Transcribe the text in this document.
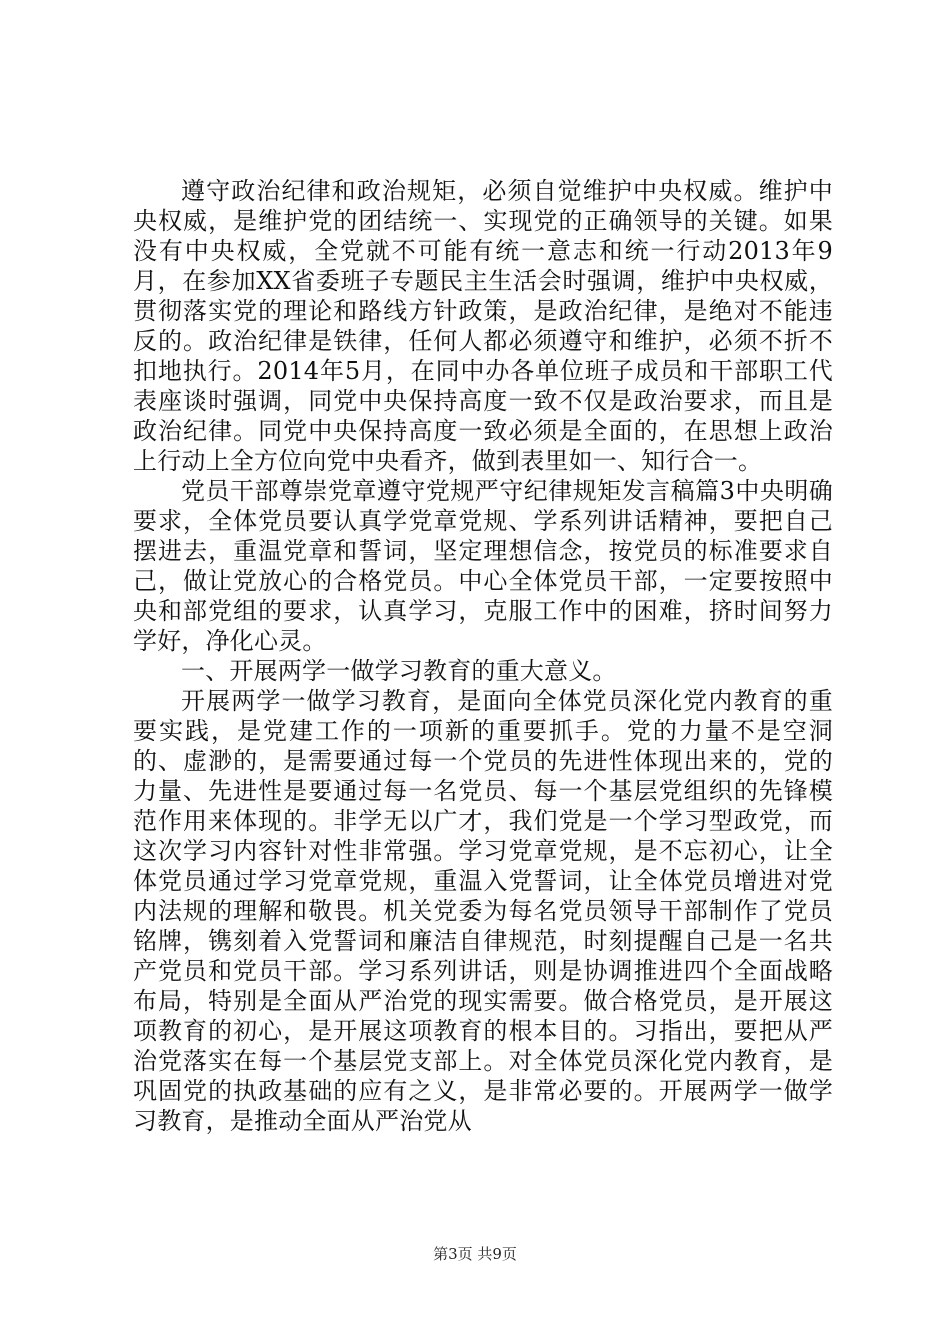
遵守政治纪律和政治规矩，必须自觉维护中央权威。维护中央权威，是维护党的团结统一、实现党的正确领导的关键。如果没有中央权威，全党就不可能有统一意志和统一行动2013年9月，在参加XX省委班子专题民主生活会时强调，维护中央权威，贯彻落实党的理论和路线方针政策，是政治纪律，是绝对不能违反的。政治纪律是铁律，任何人都必须遵守和维护，必须不折不扣地执行。2014年5月，在同中办各单位班子成员和干部职工代表座谈时强调，同党中央保持高度一致不仅是政治要求，而且是政治纪律。同党中央保持高度一致必须是全面的，在思想上政治上行动上全方位向党中央看齐，做到表里如一、知行合一。

党员干部尊崇党章遵守党规严守纪律规矩发言稿篇3中央明确要求，全体党员要认真学党章党规、学系列讲话精神，要把自己摆进去，重温党章和誓词，坚定理想信念，按党员的标准要求自己，做让党放心的合格党员。中心全体党员干部，一定要按照中央和部党组的要求，认真学习，克服工作中的困难，挤时间努力学好，净化心灵。

一、开展两学一做学习教育的重大意义。

开展两学一做学习教育，是面向全体党员深化党内教育的重要实践，是党建工作的一项新的重要抓手。党的力量不是空洞的、虚渺的，是需要通过每一个党员的先进性体现出来的，党的力量、先进性是要通过每一名党员、每一个基层党组织的先锋模范作用来体现的。非学无以广才，我们党是一个学习型政党，而这次学习内容针对性非常强。学习党章党规，是不忘初心，让全体党员通过学习党章党规，重温入党誓词，让全体党员增进对党内法规的理解和敬畏。机关党委为每名党员领导干部制作了党员铭牌，镌刻着入党誓词和廉洁自律规范，时刻提醒自己是一名共产党员和党员干部。学习系列讲话，则是协调推进四个全面战略布局，特别是全面从严治党的现实需要。做合格党员，是开展这项教育的初心，是开展这项教育的根本目的。习指出，要把从严治党落实在每一个基层党支部上。对全体党员深化党内教育，是巩固党的执政基础的应有之义，是非常必要的。开展两学一做学习教育，是推动全面从严治党从

第3页 共9页
